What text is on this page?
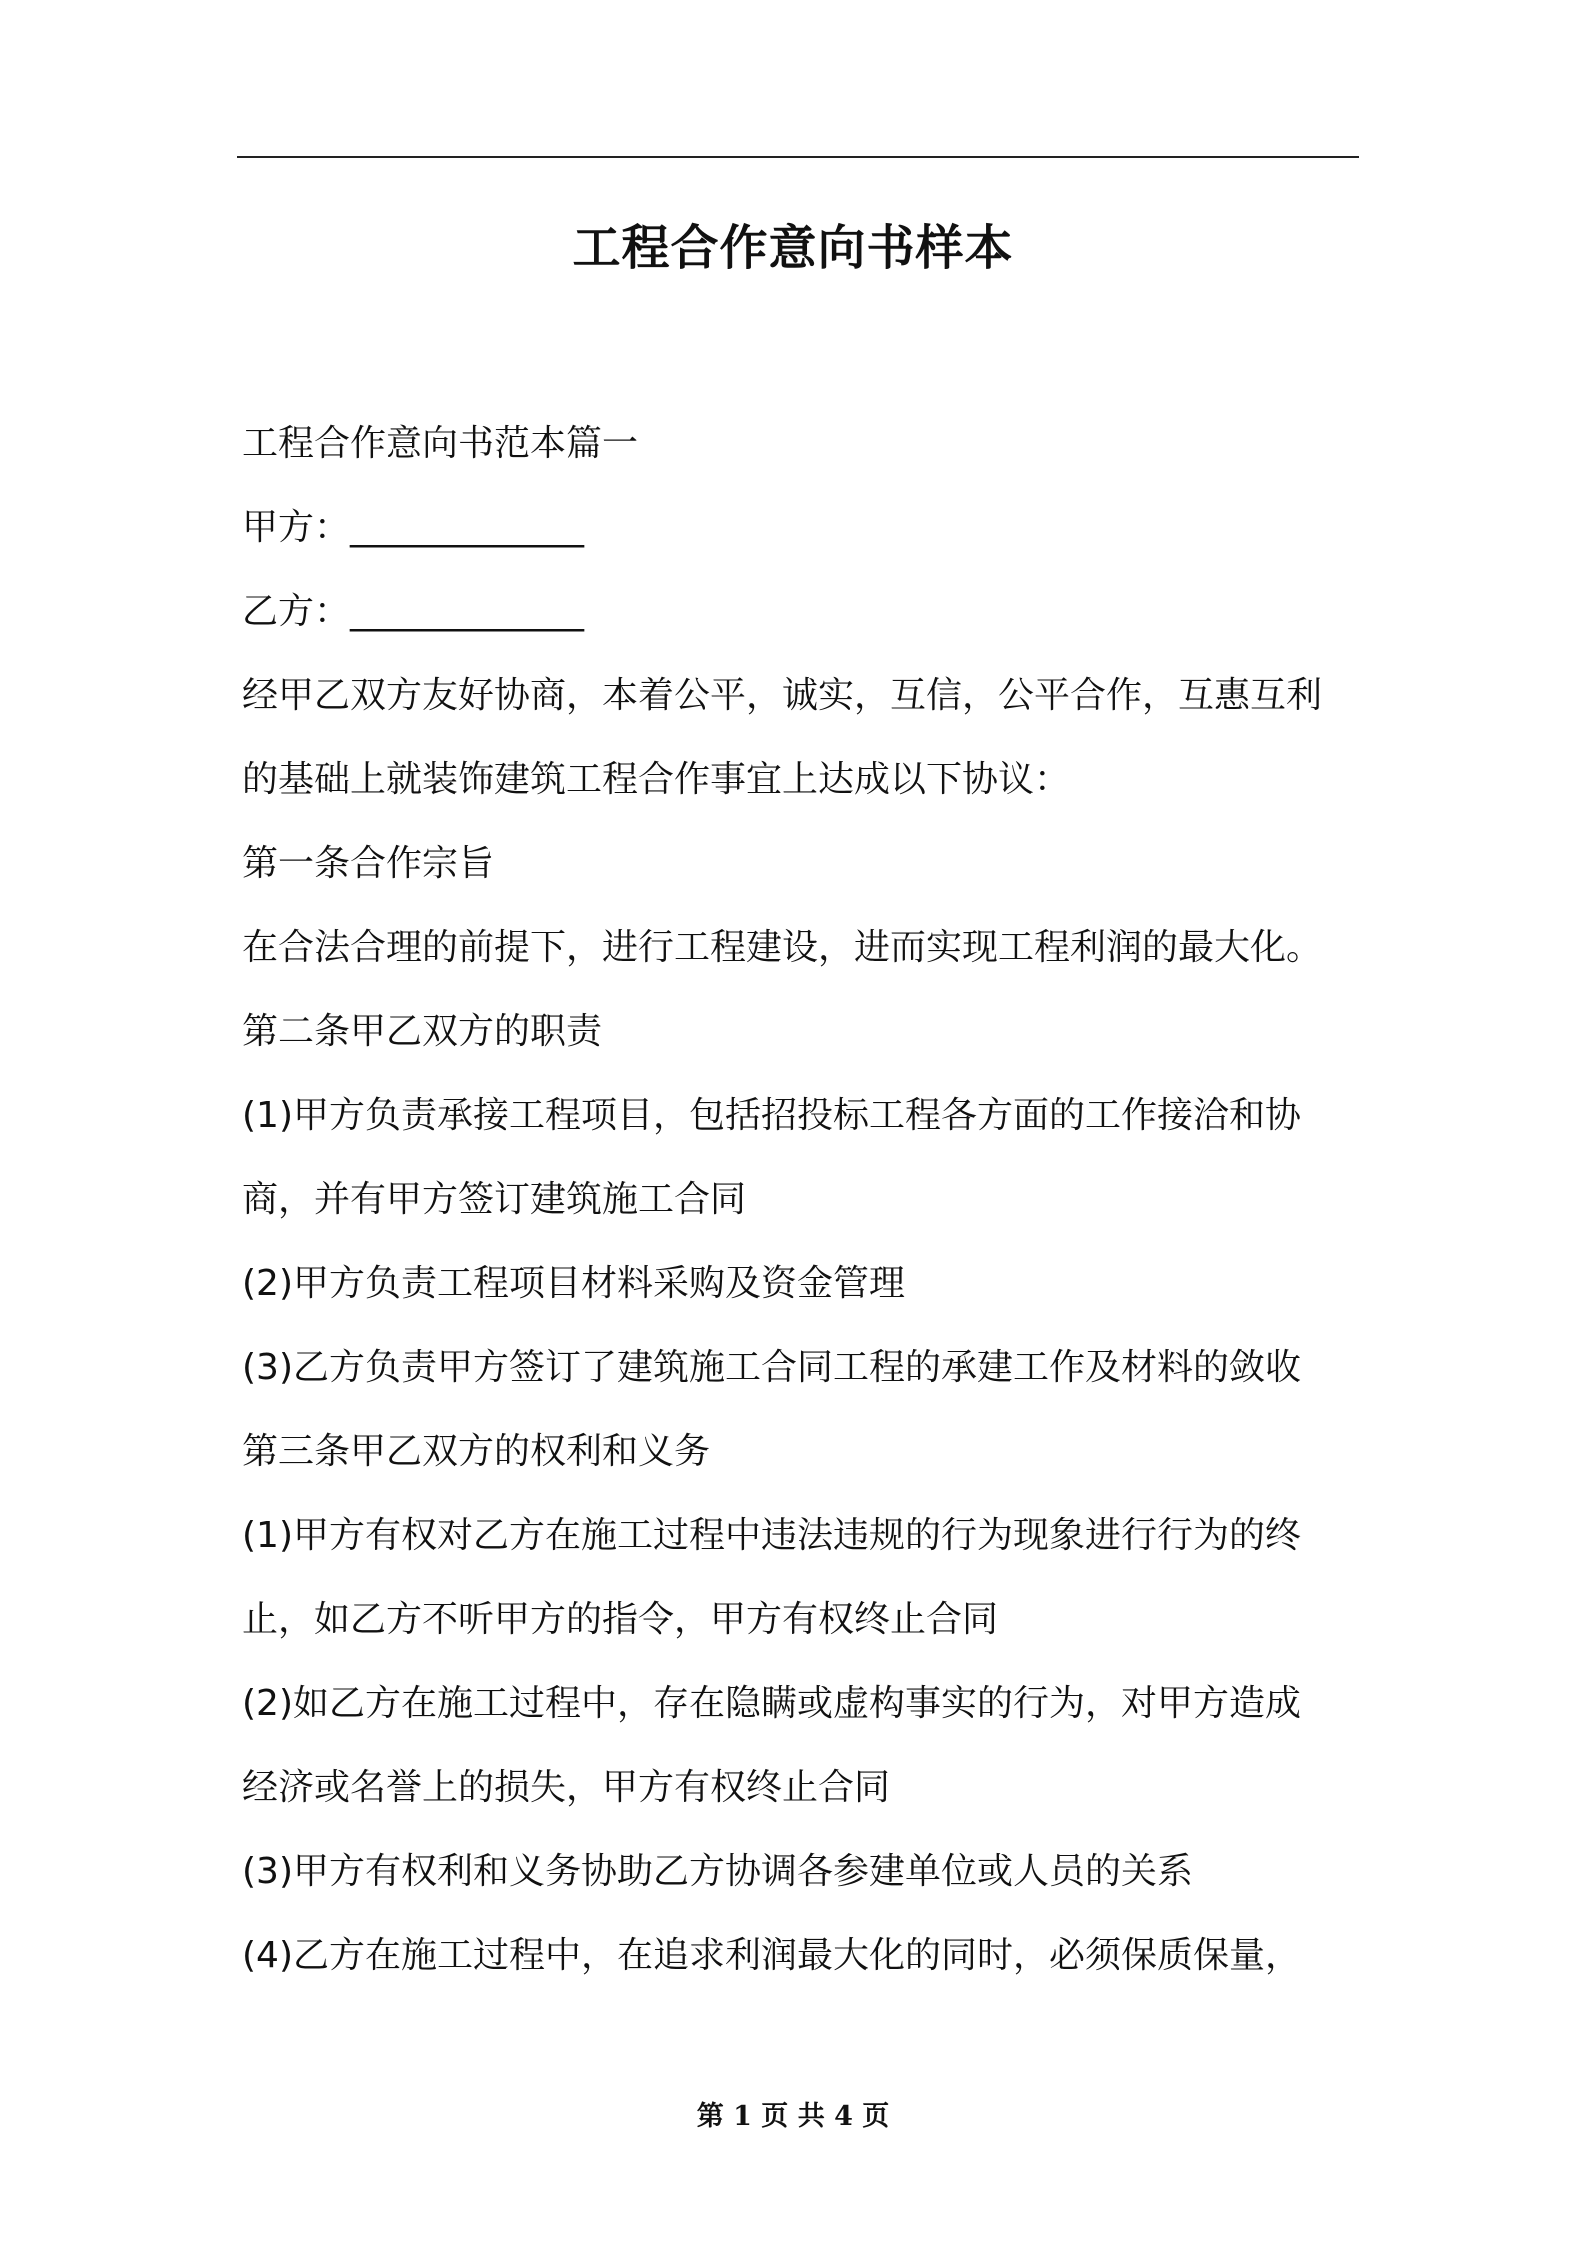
工程合作意向书样本
工程合作意向书范本篇一
甲方：_____________
乙方：_____________
经甲乙双方友好协商，本着公平，诚实，互信，公平合作，互惠互利
的基础上就装饰建筑工程合作事宜上达成以下协议：
第一条合作宗旨
在合法合理的前提下，进行工程建设，进而实现工程利润的最大化。
第二条甲乙双方的职责
(1)甲方负责承接工程项目，包括招投标工程各方面的工作接洽和协
商，并有甲方签订建筑施工合同
(2)甲方负责工程项目材料采购及资金管理
(3)乙方负责甲方签订了建筑施工合同工程的承建工作及材料的敛收
第三条甲乙双方的权利和义务
(1)甲方有权对乙方在施工过程中违法违规的行为现象进行行为的终
止，如乙方不听甲方的指令，甲方有权终止合同
(2)如乙方在施工过程中，存在隐瞒或虚构事实的行为，对甲方造成
经济或名誉上的损失，甲方有权终止合同
(3)甲方有权利和义务协助乙方协调各参建单位或人员的关系
(4)乙方在施工过程中，在追求利润最大化的同时，必须保质保量，
第 1 页 共 4 页
